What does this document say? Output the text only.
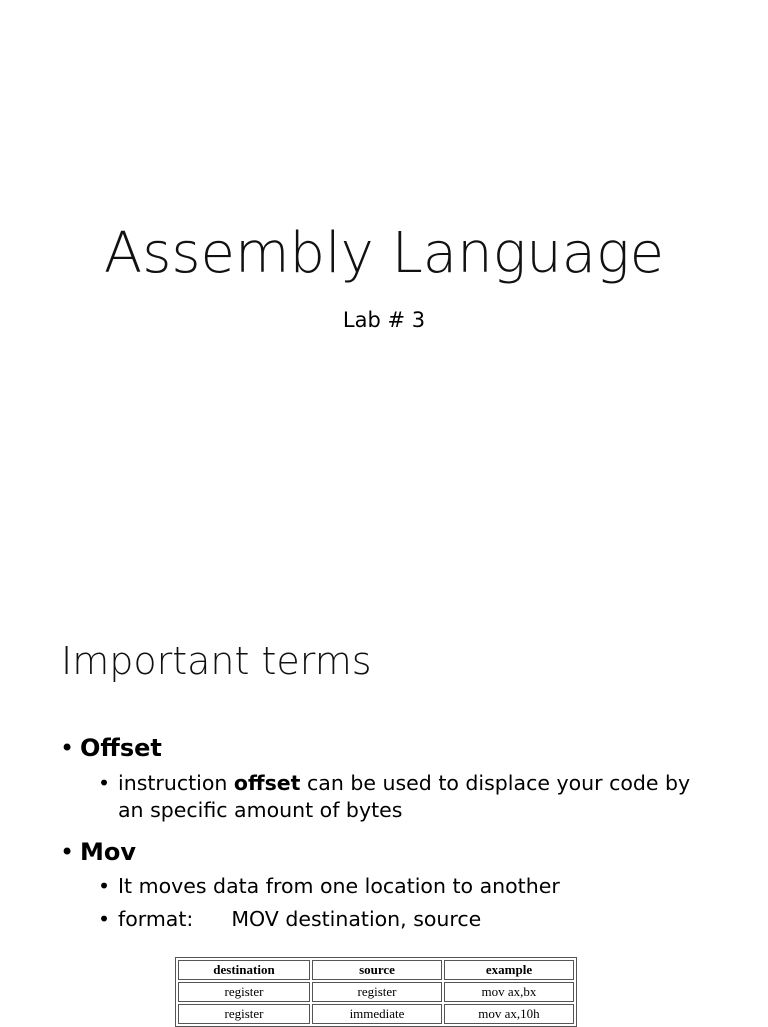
Assembly Language
Lab # 3
Important terms
• Offset
• instruction offset can be used to displace your code by an specific amount of bytes
• Mov
• It moves data from one location to another
• format: MOV destination, source
destination	source	example
register	register	mov ax,bx
register	immediate	mov ax,10h
